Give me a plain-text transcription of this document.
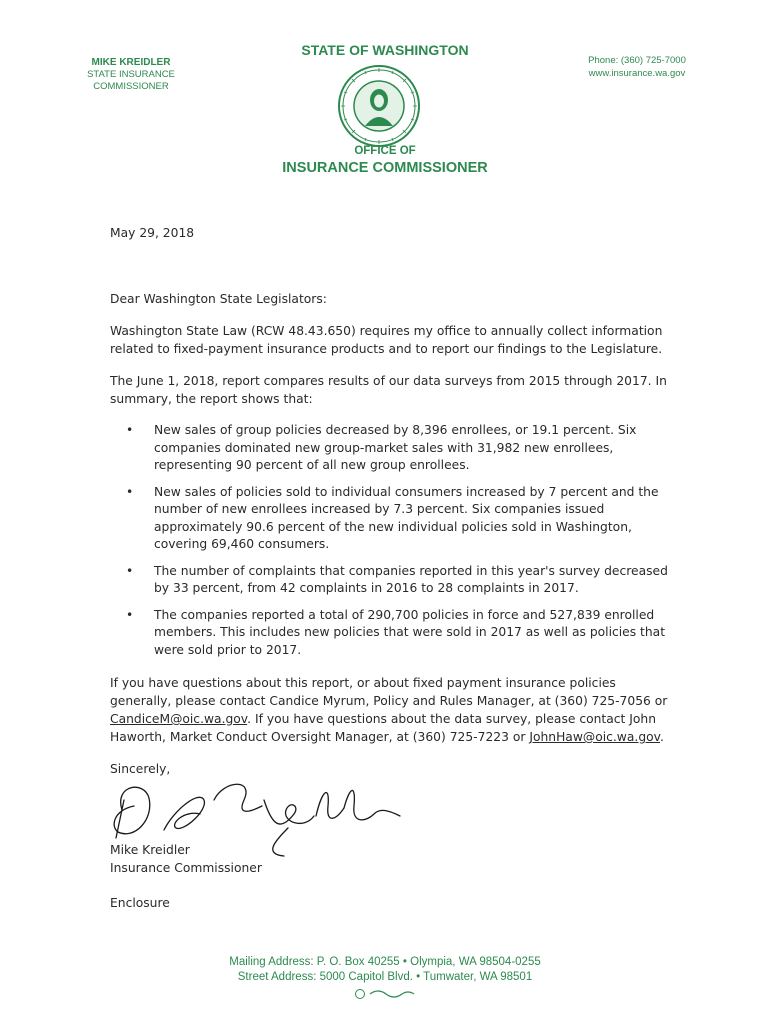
MIKE KREIDLER
STATE INSURANCE COMMISSIONER
STATE OF WASHINGTON
Phone: (360) 725-7000
www.insurance.wa.gov
OFFICE OF
INSURANCE COMMISSIONER
May 29, 2018
Dear Washington State Legislators:

Washington State Law (RCW 48.43.650) requires my office to annually collect information related to fixed-payment insurance products and to report our findings to the Legislature.

The June 1, 2018, report compares results of our data surveys from 2015 through 2017. In summary, the report shows that:

• New sales of group policies decreased by 8,396 enrollees, or 19.1 percent. Six companies dominated new group-market sales with 31,982 new enrollees, representing 90 percent of all new group enrollees.
• New sales of policies sold to individual consumers increased by 7 percent and the number of new enrollees increased by 7.3 percent. Six companies issued approximately 90.6 percent of the new individual policies sold in Washington, covering 69,460 consumers.
• The number of complaints that companies reported in this year's survey decreased by 33 percent, from 42 complaints in 2016 to 28 complaints in 2017.
• The companies reported a total of 290,700 policies in force and 527,839 enrolled members. This includes new policies that were sold in 2017 as well as policies that were sold prior to 2017.

If you have questions about this report, or about fixed payment insurance policies generally, please contact Candice Myrum, Policy and Rules Manager, at (360) 725-7056 or CandiceM@oic.wa.gov. If you have questions about the data survey, please contact John Haworth, Market Conduct Oversight Manager, at (360) 725-7223 or JohnHaw@oic.wa.gov.

Sincerely,
Mike Kreidler
Insurance Commissioner
Enclosure
Mailing Address: P. O. Box 40255 • Olympia, WA 98504-0255
Street Address: 5000 Capitol Blvd. • Tumwater, WA 98501
